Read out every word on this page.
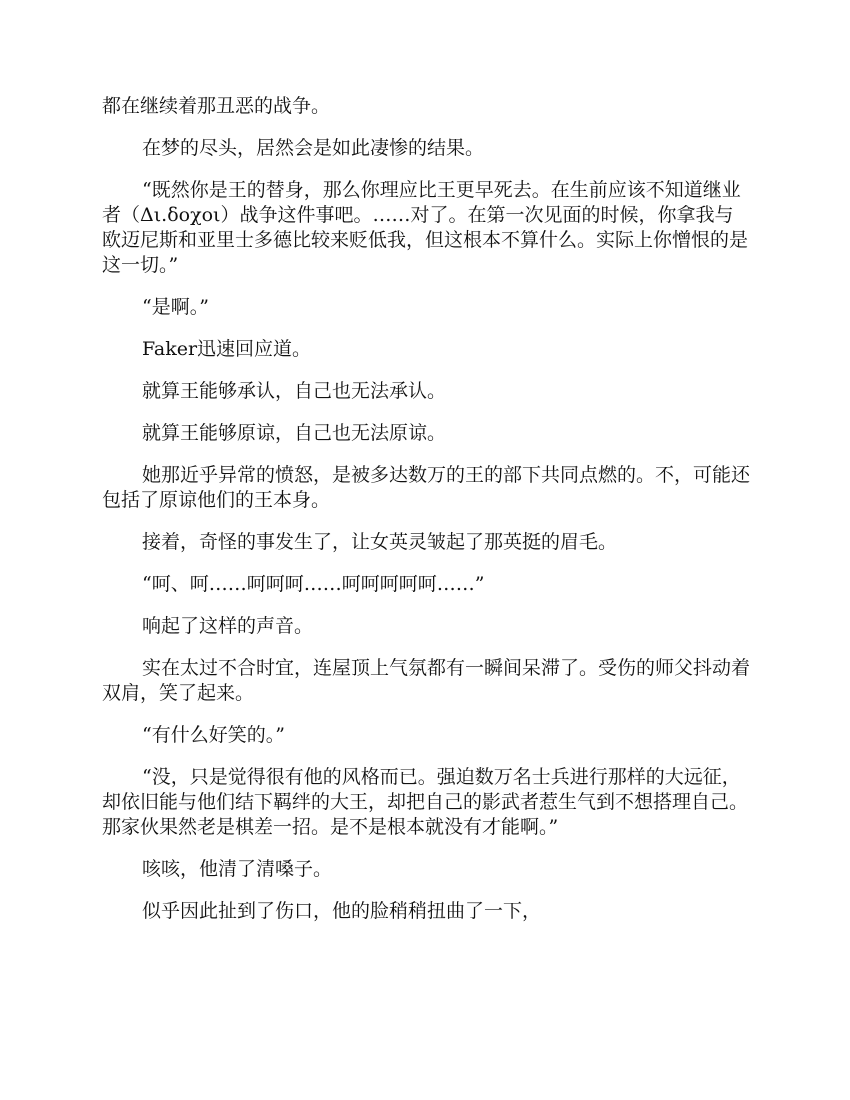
都在继续着那丑恶的战争。

在梦的尽头，居然会是如此凄惨的结果。

“既然你是王的替身，那么你理应比王更早死去。在生前应该不知道继业者（Δι.δοχοι）战争这件事吧。……对了。在第一次见面的时候，你拿我与欧迈尼斯和亚里士多德比较来贬低我，但这根本不算什么。实际上你憎恨的是这一切。”

“是啊。”

Faker迅速回应道。

就算王能够承认，自己也无法承认。

就算王能够原谅，自己也无法原谅。

她那近乎异常的愤怒，是被多达数万的王的部下共同点燃的。不，可能还包括了原谅他们的王本身。

接着，奇怪的事发生了，让女英灵皱起了那英挺的眉毛。

“呵、呵……呵呵呵……呵呵呵呵呵……”

响起了这样的声音。

实在太过不合时宜，连屋顶上气氛都有一瞬间呆滞了。受伤的师父抖动着双肩，笑了起来。

“有什么好笑的。”

“没，只是觉得很有他的风格而已。强迫数万名士兵进行那样的大远征，却依旧能与他们结下羁绊的大王，却把自己的影武者惹生气到不想搭理自己。那家伙果然老是棋差一招。是不是根本就没有才能啊。”

咳咳，他清了清嗓子。

似乎因此扯到了伤口，他的脸稍稍扭曲了一下，
